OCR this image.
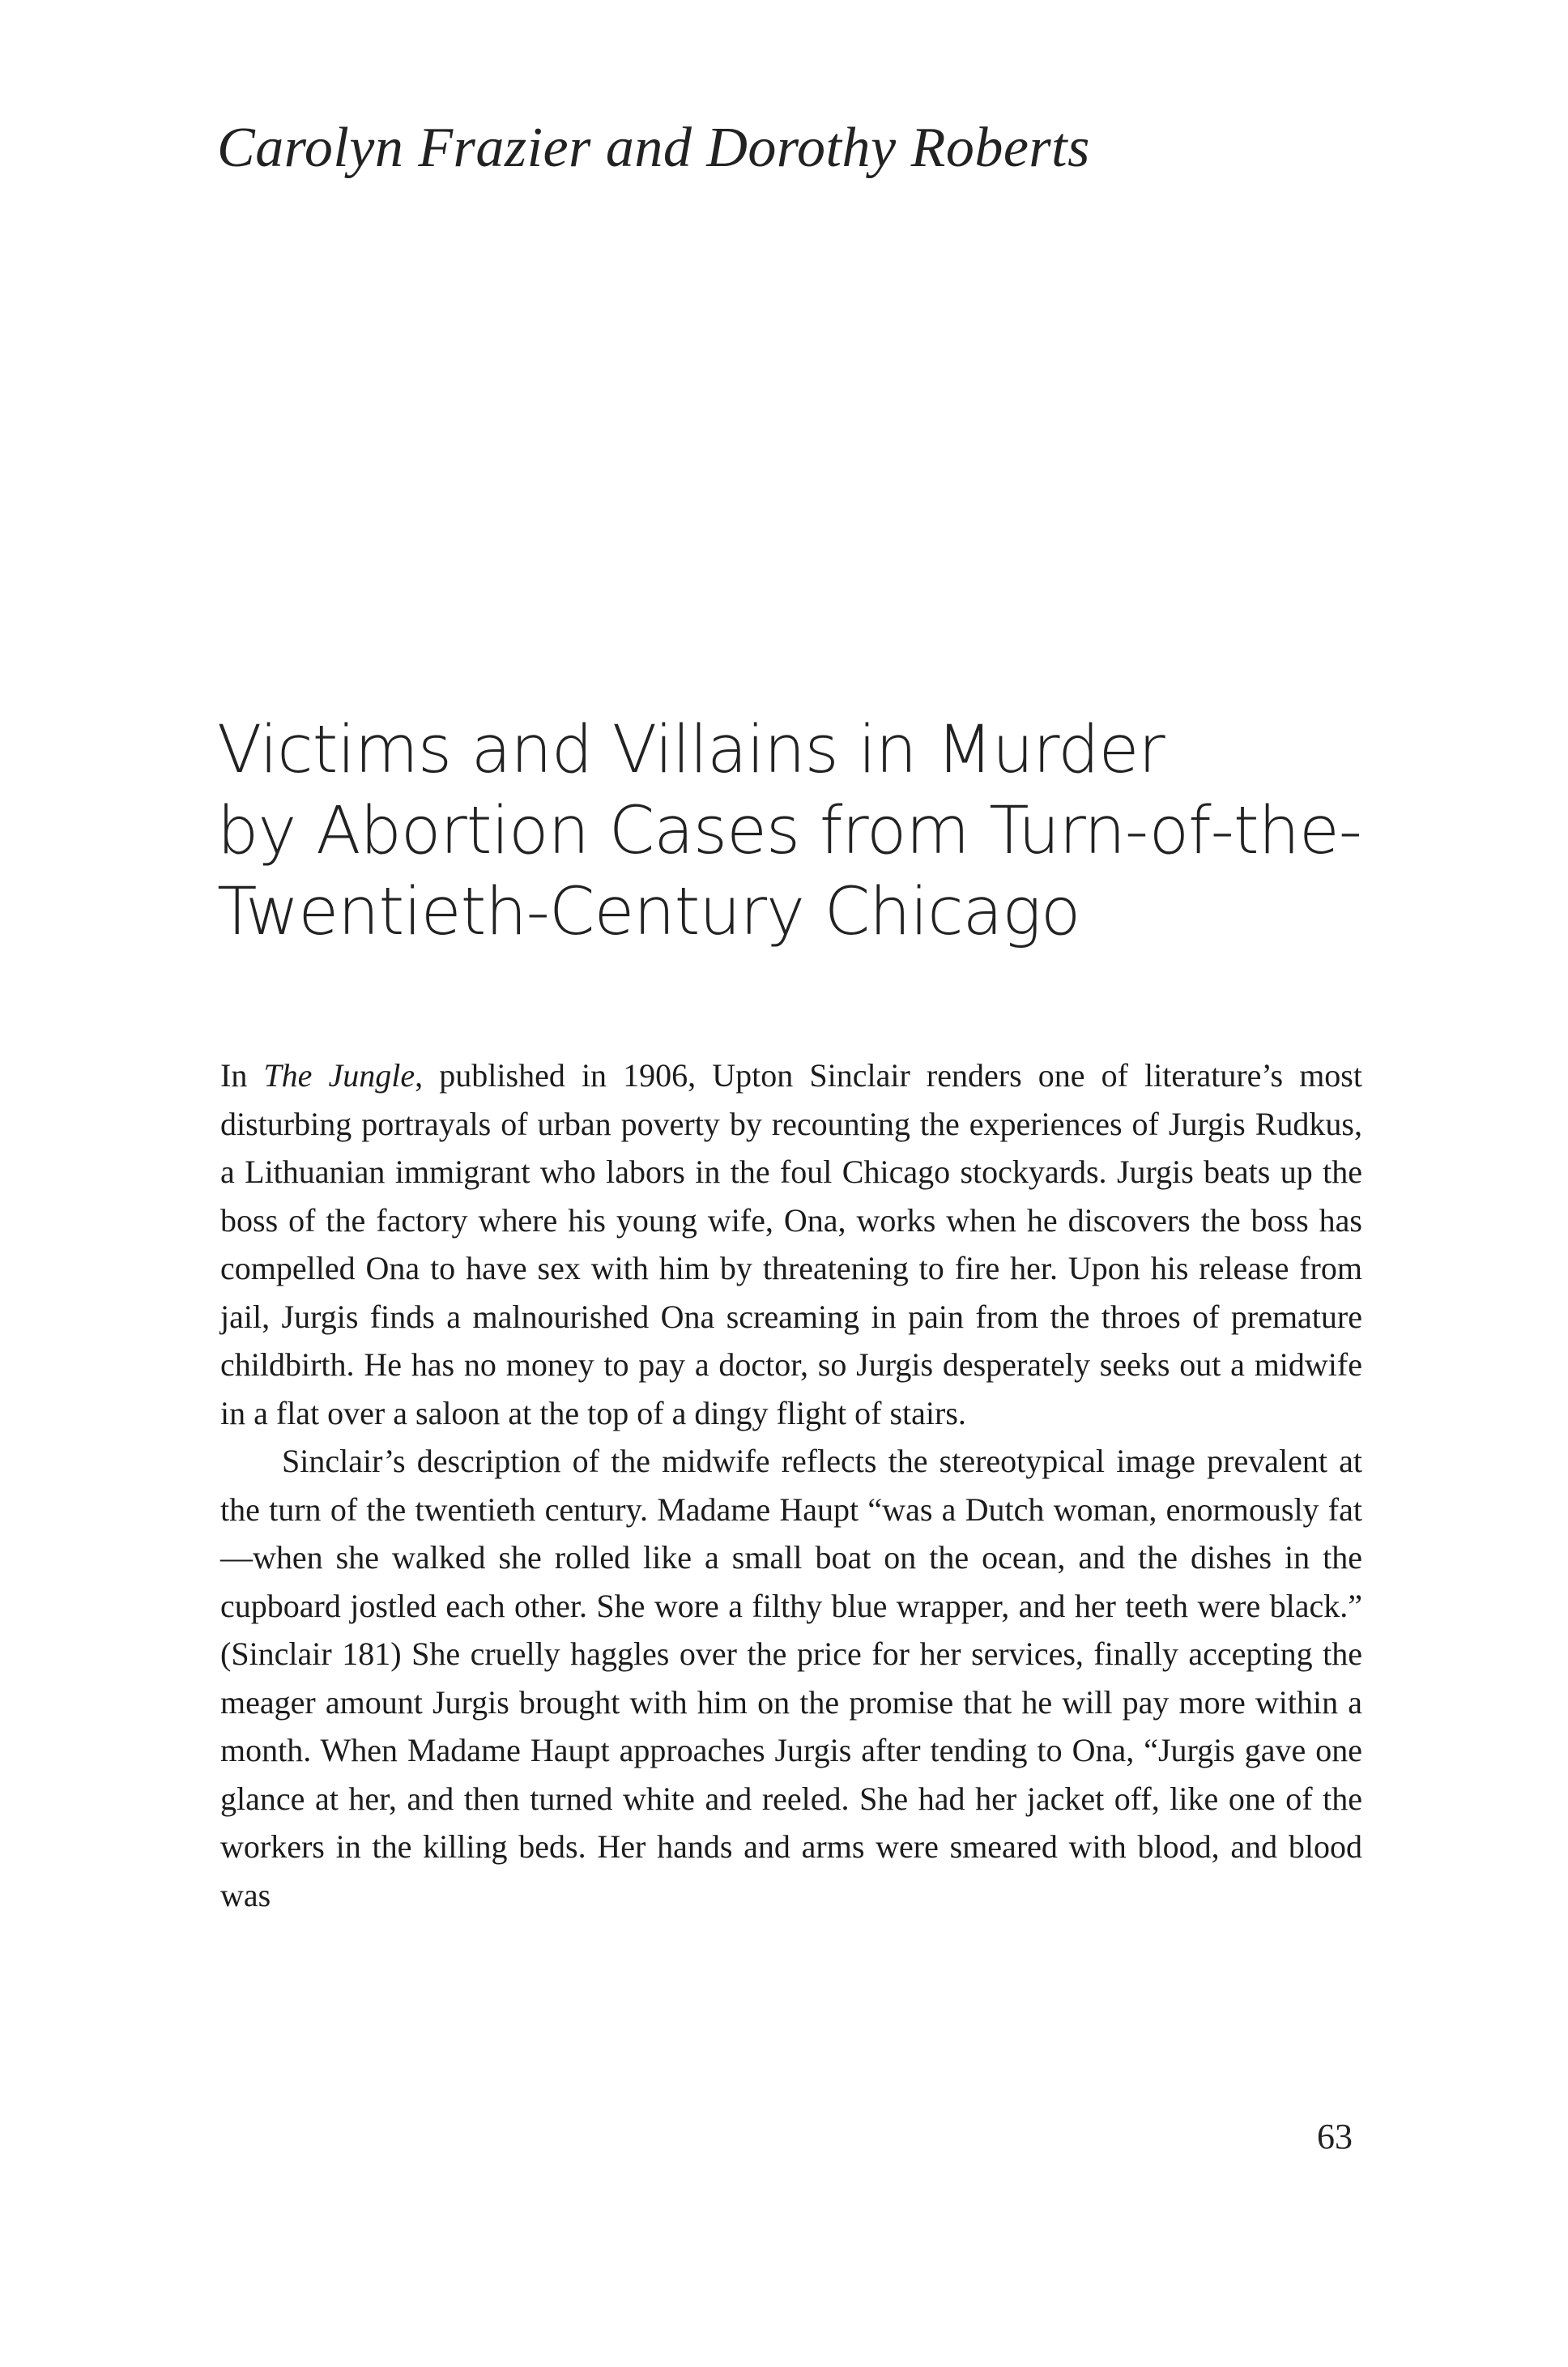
Carolyn Frazier and Dorothy Roberts
Victims and Villains in Murder
by Abortion Cases from Turn-of-the-
Twentieth-Century Chicago

In The Jungle, published in 1906, Upton Sinclair renders one of literature’s most disturbing portrayals of urban poverty by recounting the experiences of Jurgis Rudkus, a Lithuanian immigrant who labors in the foul Chicago stockyards. Jurgis beats up the boss of the factory where his young wife, Ona, works when he discovers the boss has compelled Ona to have sex with him by threatening to fire her. Upon his release from jail, Jurgis finds a malnourished Ona screaming in pain from the throes of premature childbirth. He has no money to pay a doctor, so Jurgis desperately seeks out a midwife in a flat over a saloon at the top of a dingy flight of stairs.

Sinclair’s description of the midwife reflects the stereotypical image prevalent at the turn of the twentieth century. Madame Haupt “was a Dutch woman, enormously fat—when she walked she rolled like a small boat on the ocean, and the dishes in the cupboard jostled each other. She wore a filthy blue wrapper, and her teeth were black.” (Sinclair 181) She cruelly haggles over the price for her services, finally accepting the meager amount Jurgis brought with him on the promise that he will pay more within a month. When Madame Haupt approaches Jurgis after tending to Ona, “Jurgis gave one glance at her, and then turned white and reeled. She had her jacket off, like one of the workers in the killing beds. Her hands and arms were smeared with blood, and blood was

63
